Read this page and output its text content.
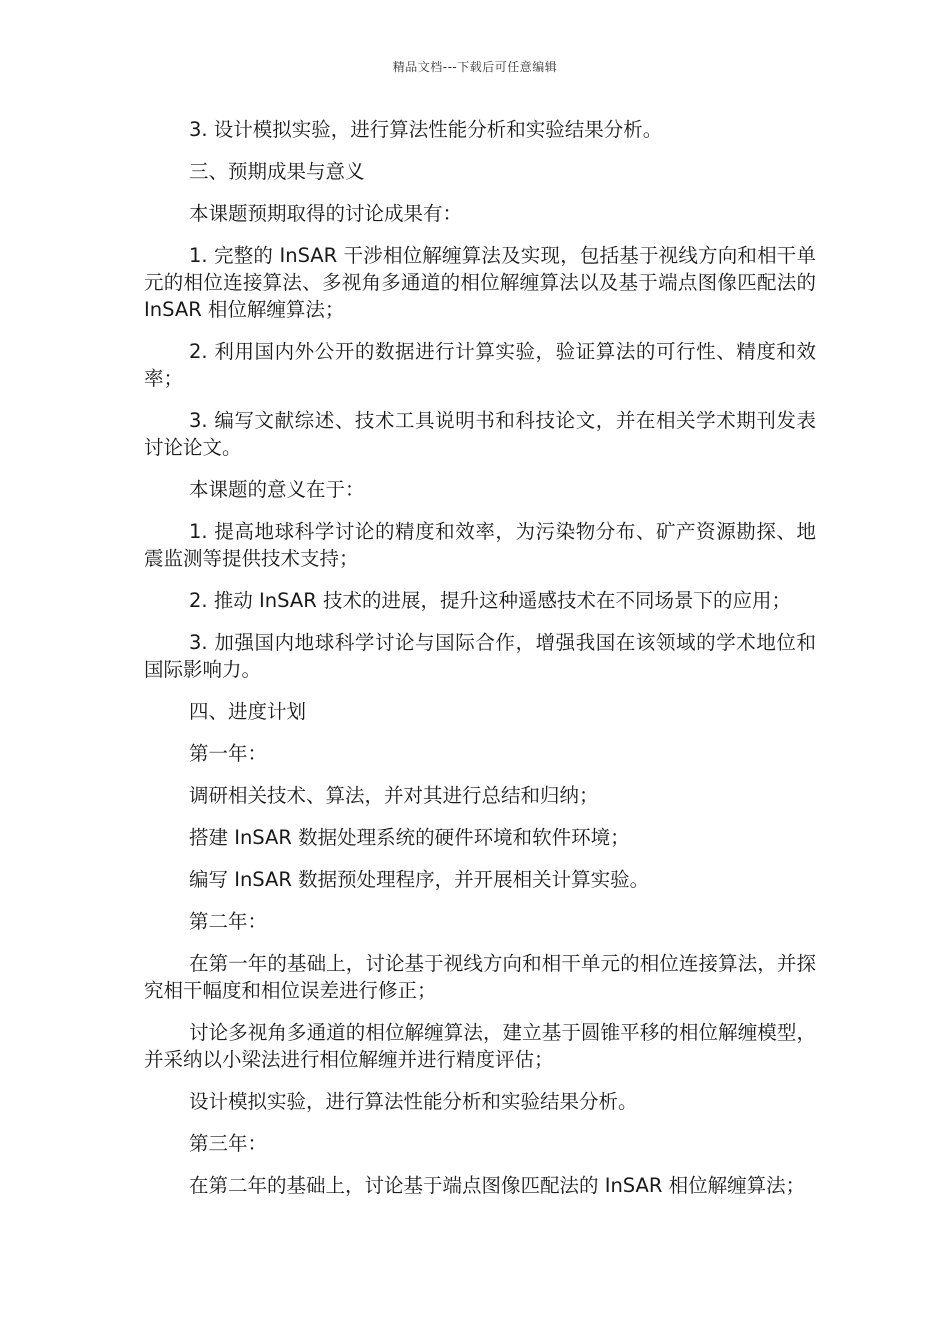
精品文档---下载后可任意编辑

3. 设计模拟实验，进行算法性能分析和实验结果分析。

三、预期成果与意义

本课题预期取得的讨论成果有：

1. 完整的 InSAR 干涉相位解缠算法及实现，包括基于视线方向和相干单元的相位连接算法、多视角多通道的相位解缠算法以及基于端点图像匹配法的 InSAR 相位解缠算法；

2. 利用国内外公开的数据进行计算实验，验证算法的可行性、精度和效率；

3. 编写文献综述、技术工具说明书和科技论文，并在相关学术期刊发表讨论论文。

本课题的意义在于：

1. 提高地球科学讨论的精度和效率，为污染物分布、矿产资源勘探、地震监测等提供技术支持；

2. 推动 InSAR 技术的进展，提升这种遥感技术在不同场景下的应用；

3. 加强国内地球科学讨论与国际合作，增强我国在该领域的学术地位和国际影响力。

四、进度计划

第一年：

调研相关技术、算法，并对其进行总结和归纳；

搭建 InSAR 数据处理系统的硬件环境和软件环境；

编写 InSAR 数据预处理程序，并开展相关计算实验。

第二年：

在第一年的基础上，讨论基于视线方向和相干单元的相位连接算法，并探究相干幅度和相位误差进行修正；

讨论多视角多通道的相位解缠算法，建立基于圆锥平移的相位解缠模型，并采纳以小梁法进行相位解缠并进行精度评估；

设计模拟实验，进行算法性能分析和实验结果分析。

第三年：

在第二年的基础上，讨论基于端点图像匹配法的 InSAR 相位解缠算法；
